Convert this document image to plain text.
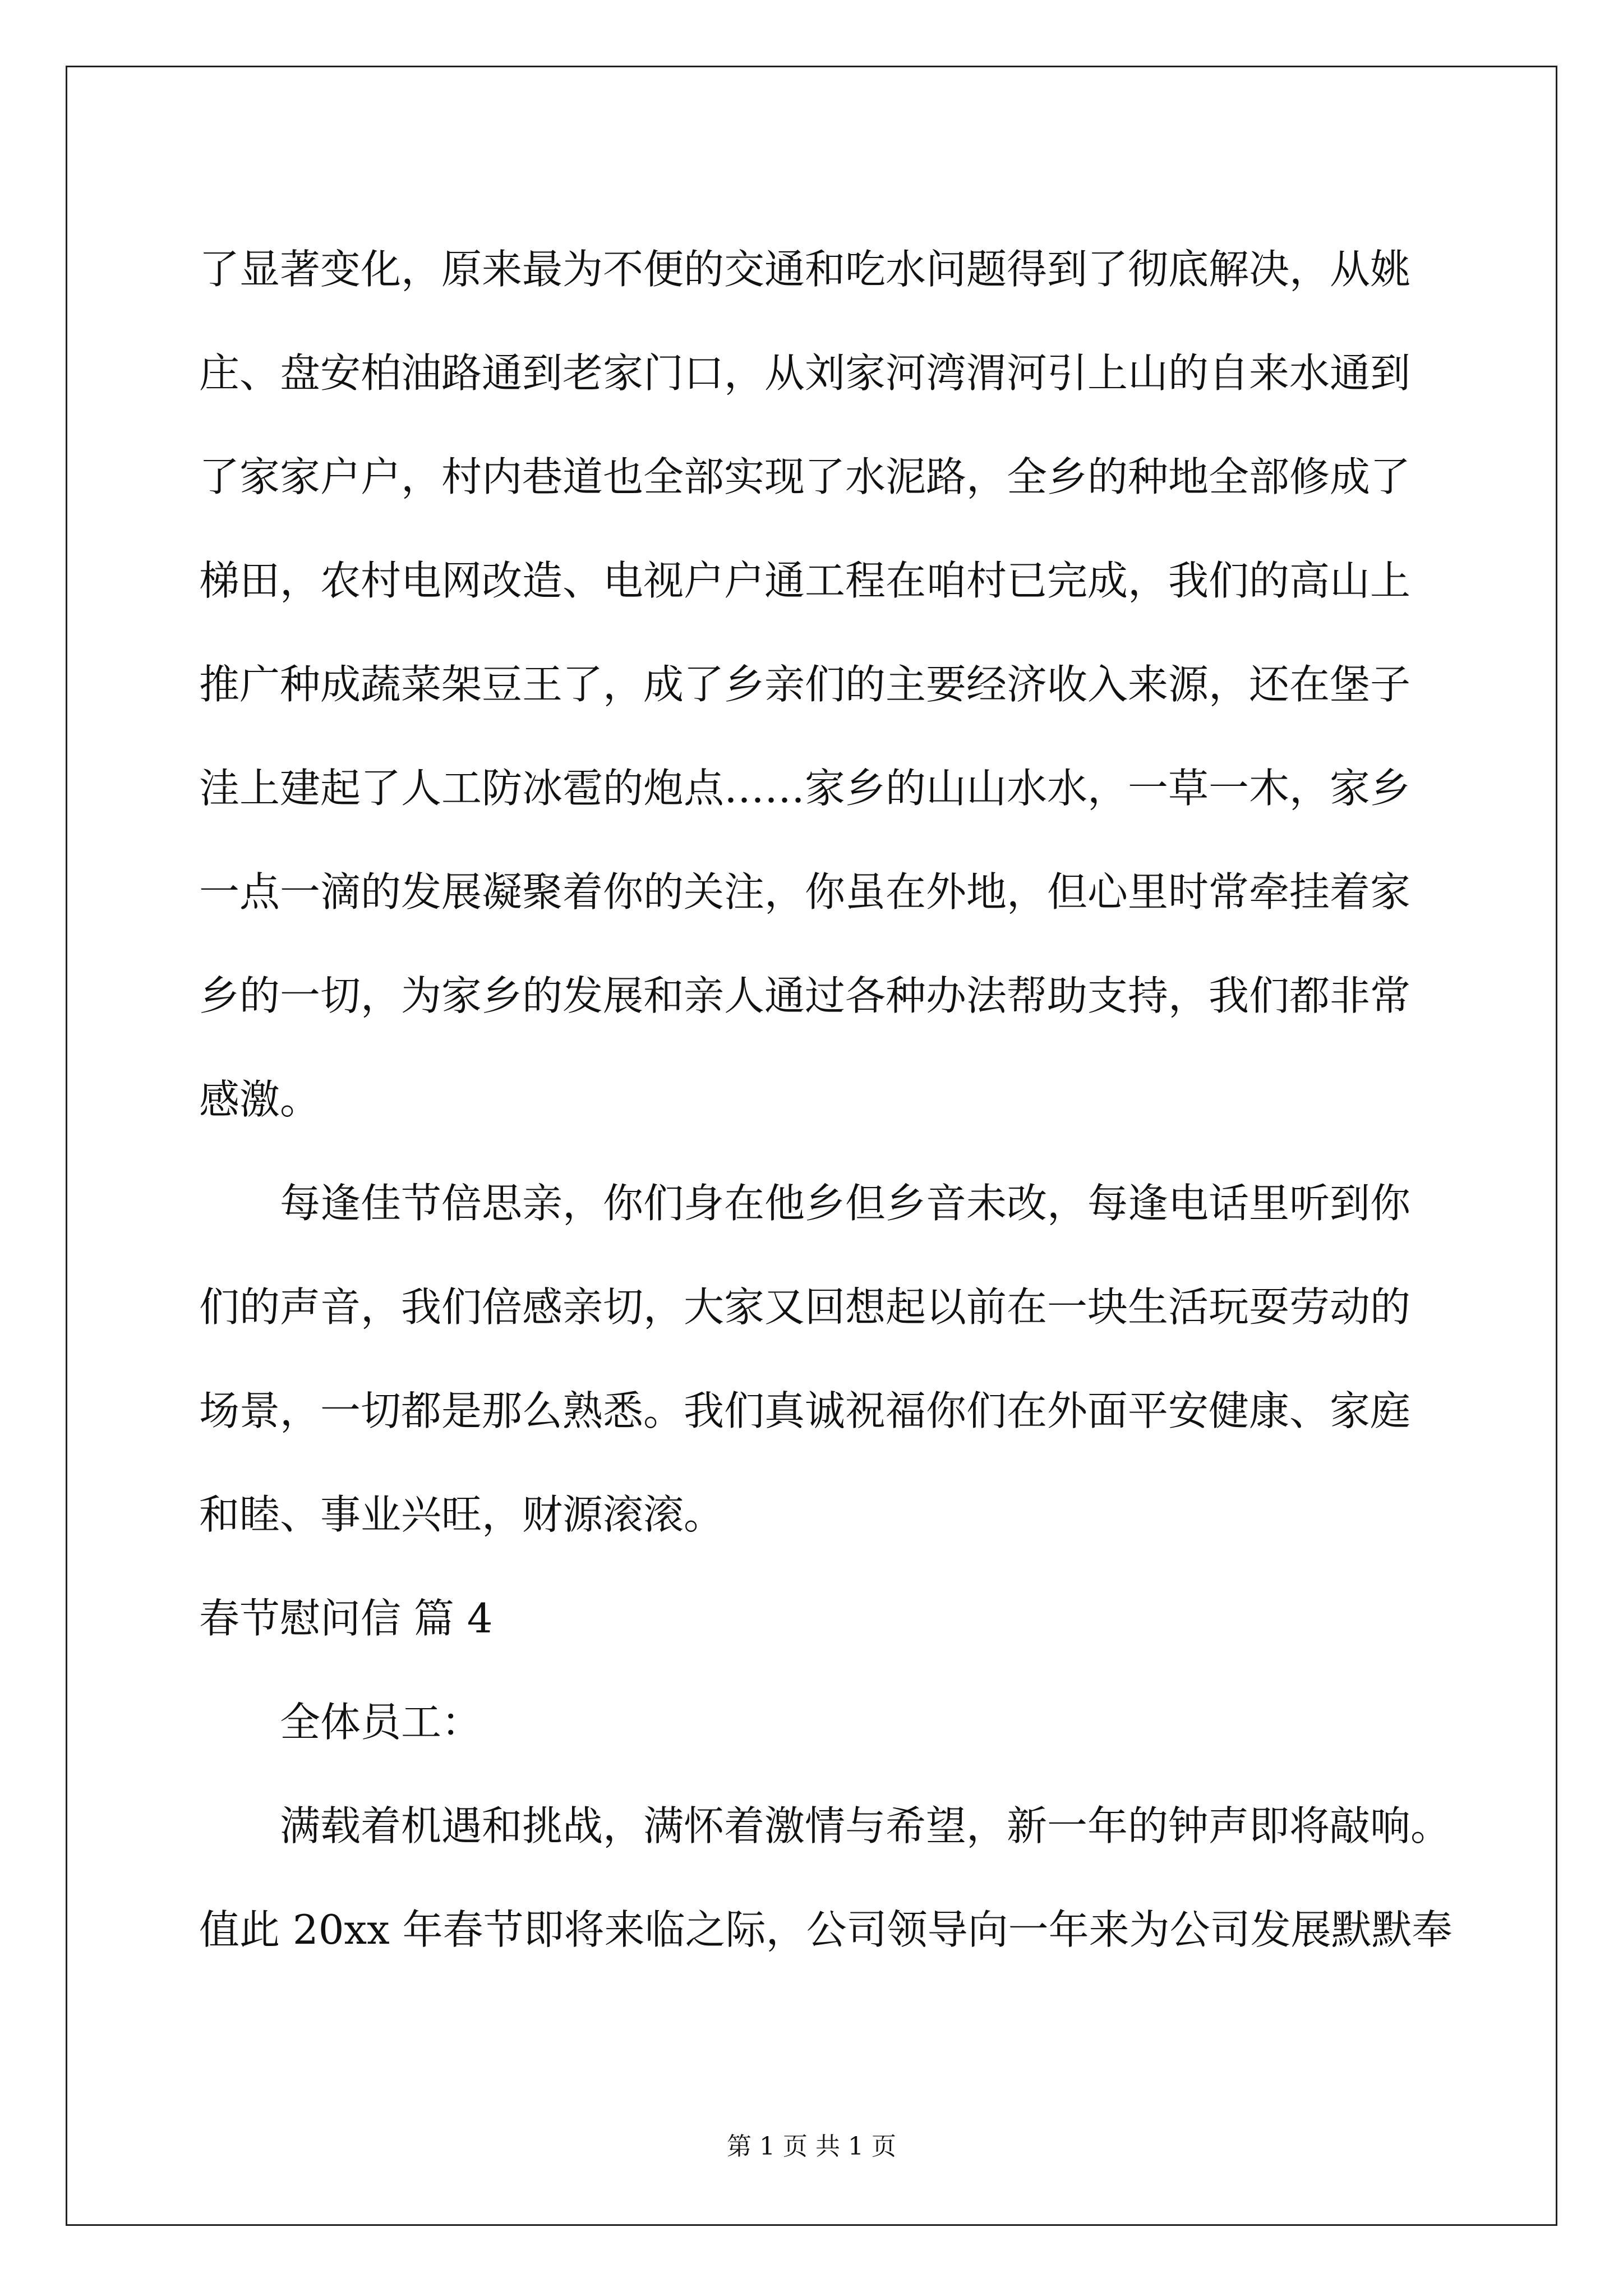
了显著变化，原来最为不便的交通和吃水问题得到了彻底解决，从姚
庄、盘安柏油路通到老家门口，从刘家河湾渭河引上山的自来水通到
了家家户户，村内巷道也全部实现了水泥路，全乡的种地全部修成了
梯田，农村电网改造、电视户户通工程在咱村已完成，我们的高山上
推广种成蔬菜架豆王了，成了乡亲们的主要经济收入来源，还在堡子
洼上建起了人工防冰雹的炮点……家乡的山山水水，一草一木，家乡
一点一滴的发展凝聚着你的关注，你虽在外地，但心里时常牵挂着家
乡的一切，为家乡的发展和亲人通过各种办法帮助支持，我们都非常
感激。
每逢佳节倍思亲，你们身在他乡但乡音未改，每逢电话里听到你
们的声音，我们倍感亲切，大家又回想起以前在一块生活玩耍劳动的
场景，一切都是那么熟悉。我们真诚祝福你们在外面平安健康、家庭
和睦、事业兴旺，财源滚滚。
春节慰问信 篇 4
全体员工：
满载着机遇和挑战，满怀着激情与希望，新一年的钟声即将敲响。
值此 20xx 年春节即将来临之际，公司领导向一年来为公司发展默默奉
第 1 页 共 1 页
